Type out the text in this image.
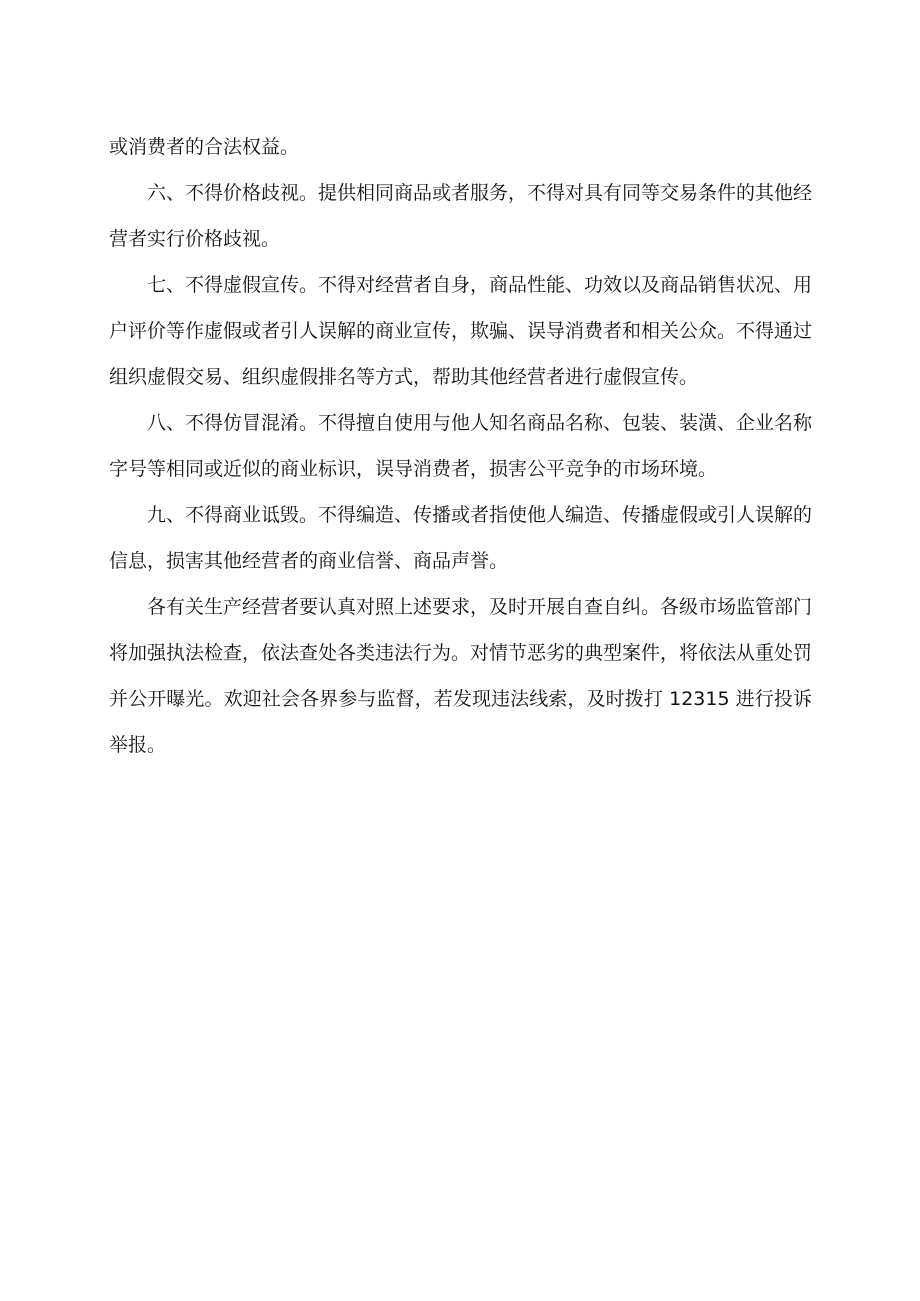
或消费者的合法权益。

六、不得价格歧视。提供相同商品或者服务，不得对具有同等交易条件的其他经营者实行价格歧视。

七、不得虚假宣传。不得对经营者自身，商品性能、功效以及商品销售状况、用户评价等作虚假或者引人误解的商业宣传，欺骗、误导消费者和相关公众。不得通过组织虚假交易、组织虚假排名等方式，帮助其他经营者进行虚假宣传。

八、不得仿冒混淆。不得擅自使用与他人知名商品名称、包装、装潢、企业名称字号等相同或近似的商业标识，误导消费者，损害公平竞争的市场环境。

九、不得商业诋毁。不得编造、传播或者指使他人编造、传播虚假或引人误解的信息，损害其他经营者的商业信誉、商品声誉。

各有关生产经营者要认真对照上述要求，及时开展自查自纠。各级市场监管部门将加强执法检查，依法查处各类违法行为。对情节恶劣的典型案件，将依法从重处罚并公开曝光。欢迎社会各界参与监督，若发现违法线索，及时拨打 12315 进行投诉举报。
